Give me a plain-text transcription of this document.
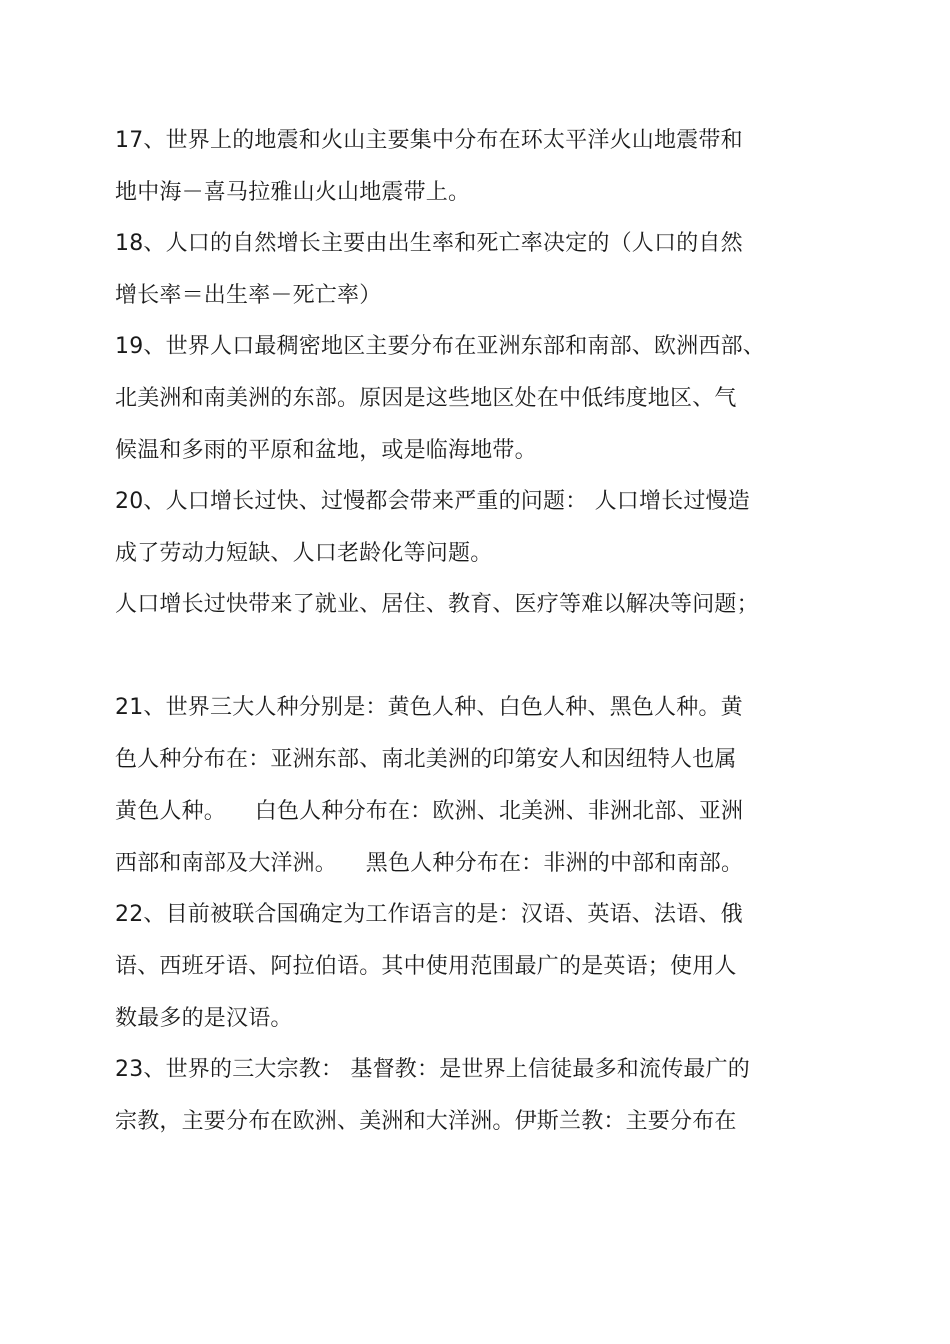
17、世界上的地震和火山主要集中分布在环太平洋火山地震带和
地中海－喜马拉雅山火山地震带上。
18、人口的自然增长主要由出生率和死亡率决定的（人口的自然
增长率＝出生率－死亡率）
19、世界人口最稠密地区主要分布在亚洲东部和南部、欧洲西部、
北美洲和南美洲的东部。原因是这些地区处在中低纬度地区、气
候温和多雨的平原和盆地，或是临海地带。
20、人口增长过快、过慢都会带来严重的问题： 人口增长过慢造
成了劳动力短缺、人口老龄化等问题。
人口增长过快带来了就业、居住、教育、医疗等难以解决等问题；
21、世界三大人种分别是：黄色人种、白色人种、黑色人种。黄
色人种分布在：亚洲东部、南北美洲的印第安人和因纽特人也属
黄色人种。    白色人种分布在：欧洲、北美洲、非洲北部、亚洲
西部和南部及大洋洲。    黑色人种分布在：非洲的中部和南部。
22、目前被联合国确定为工作语言的是：汉语、英语、法语、俄
语、西班牙语、阿拉伯语。其中使用范围最广的是英语；使用人
数最多的是汉语。
23、世界的三大宗教： 基督教：是世界上信徒最多和流传最广的
宗教，主要分布在欧洲、美洲和大洋洲。伊斯兰教：主要分布在
